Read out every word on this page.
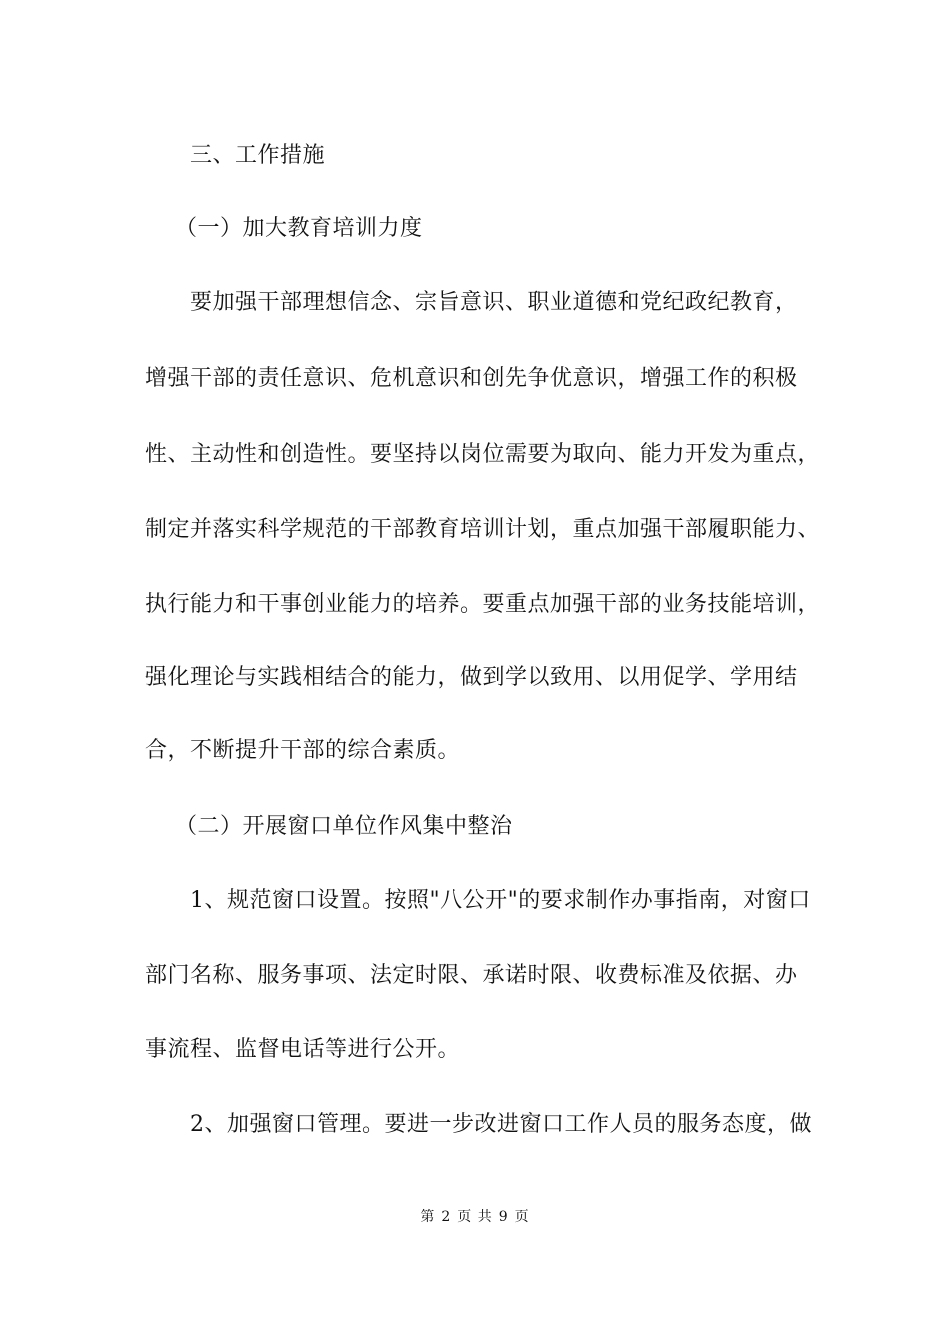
三、工作措施
（一）加大教育培训力度
要加强干部理想信念、宗旨意识、职业道德和党纪政纪教育，
增强干部的责任意识、危机意识和创先争优意识，增强工作的积极
性、主动性和创造性。要坚持以岗位需要为取向、能力开发为重点，
制定并落实科学规范的干部教育培训计划，重点加强干部履职能力、
执行能力和干事创业能力的培养。要重点加强干部的业务技能培训，
强化理论与实践相结合的能力，做到学以致用、以用促学、学用结
合，不断提升干部的综合素质。
（二）开展窗口单位作风集中整治
1、规范窗口设置。按照"八公开"的要求制作办事指南，对窗口
部门名称、服务事项、法定时限、承诺时限、收费标准及依据、办
事流程、监督电话等进行公开。
2、加强窗口管理。要进一步改进窗口工作人员的服务态度，做
第 2 页 共 9 页
